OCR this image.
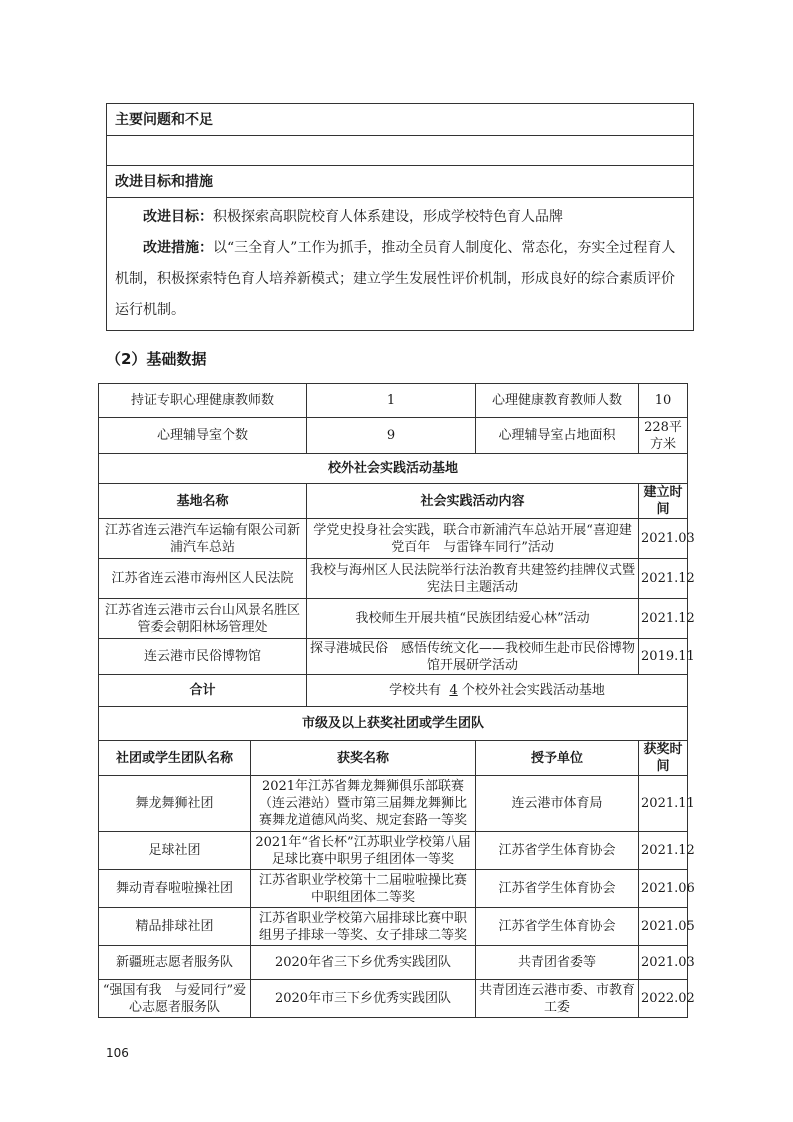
主要问题和不足
改进目标和措施

改进目标：积极探索高职院校育人体系建设，形成学校特色育人品牌

改进措施：以“三全育人”工作为抓手，推动全员育人制度化、常态化，夯实全过程育人机制，积极探索特色育人培养新模式；建立学生发展性评价机制，形成良好的综合素质评价运行机制。

（2）基础数据
持证专职心理健康教师数		1	心理健康教育教师人数	10
心理辅导室个数		9	心理辅导室占地面积	228平方米
校外社会实践活动基地				
基地名称		社会实践活动内容		建立时间
江苏省连云港汽车运输有限公司新浦汽车总站		学党史投身社会实践，联合市新浦汽车总站开展“喜迎建党百年　与雷锋车同行”活动		2021.03
江苏省连云港市海州区人民法院		我校与海州区人民法院举行法治教育共建签约挂牌仪式暨宪法日主题活动		2021.12
江苏省连云港市云台山风景名胜区管委会朝阳林场管理处		我校师生开展共植“民族团结爱心林”活动		2021.12
连云港市民俗博物馆		探寻港城民俗　感悟传统文化——我校师生赴市民俗博物馆开展研学活动		2019.11
合计		学校共有 4 个校外社会实践活动基地		
市级及以上获奖社团或学生团队				
社团或学生团队名称	获奖名称		授予单位	获奖时间
舞龙舞狮社团	2021年江苏省舞龙舞狮俱乐部联赛（连云港站）暨市第三届舞龙舞狮比赛舞龙道德风尚奖、规定套路一等奖		连云港市体育局	2021.11
足球社团	2021年“省长杯”江苏职业学校第八届足球比赛中职男子组团体一等奖		江苏省学生体育协会	2021.12
舞动青春啦啦操社团	江苏省职业学校第十二届啦啦操比赛中职组团体二等奖		江苏省学生体育协会	2021.06
精品排球社团	江苏省职业学校第六届排球比赛中职组男子排球一等奖、女子排球二等奖		江苏省学生体育协会	2021.05
新疆班志愿者服务队	2020年省三下乡优秀实践团队		共青团省委等	2021.03
“强国有我　与爱同行”爱心志愿者服务队	2020年市三下乡优秀实践团队		共青团连云港市委、市教育工委	2022.02
106
